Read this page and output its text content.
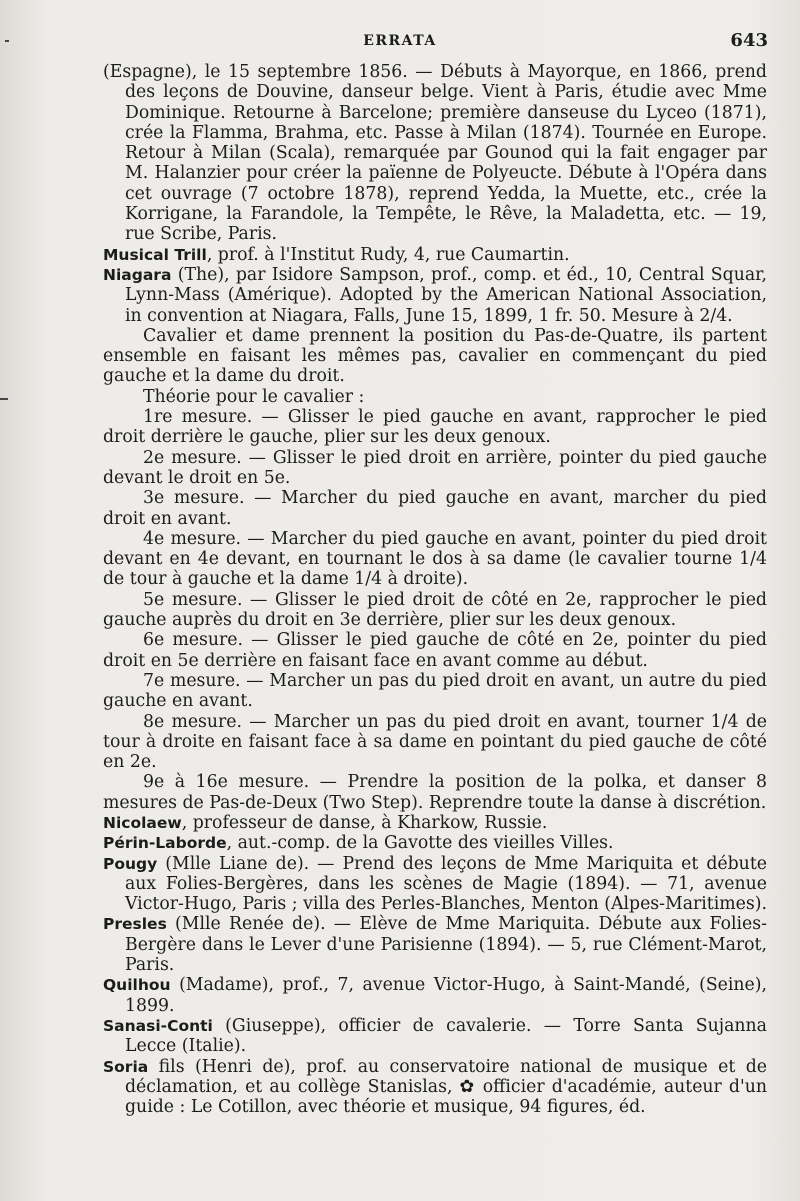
ERRATA	643

(Espagne), le 15 septembre 1856. — Débuts à Mayorque, en 1866, prend des leçons de Douvine, danseur belge. Vient à Paris, étudie avec Mme Dominique. Retourne à Barcelone; première danseuse du Lyceo (1871), crée la Flamma, Brahma, etc. Passe à Milan (1874). Tournée en Europe. Retour à Milan (Scala), remarquée par Gounod qui la fait engager par M. Halanzier pour créer la païenne de Polyeucte. Débute à l'Opéra dans cet ouvrage (7 octobre 1878), reprend Yedda, la Muette, etc., crée la Korrigane, la Farandole, la Tempête, le Rêve, la Maladetta, etc. — 19, rue Scribe, Paris.

Musical Trill, prof. à l'Institut Rudy, 4, rue Caumartin.

Niagara (The), par Isidore Sampson, prof., comp. et éd., 10, Central Squar, Lynn-Mass (Amérique). Adopted by the American National Association, in convention at Niagara, Falls, June 15, 1899, 1 fr. 50. Mesure à 2/4.

Cavalier et dame prennent la position du Pas-de-Quatre, ils partent ensemble en faisant les mêmes pas, cavalier en commençant du pied gauche et la dame du droit.

Théorie pour le cavalier :

1re mesure. — Glisser le pied gauche en avant, rapprocher le pied droit derrière le gauche, plier sur les deux genoux.

2e mesure. — Glisser le pied droit en arrière, pointer du pied gauche devant le droit en 5e.

3e mesure. — Marcher du pied gauche en avant, marcher du pied droit en avant.

4e mesure. — Marcher du pied gauche en avant, pointer du pied droit devant en 4e devant, en tournant le dos à sa dame (le cavalier tourne 1/4 de tour à gauche et la dame 1/4 à droite).

5e mesure. — Glisser le pied droit de côté en 2e, rapprocher le pied gauche auprès du droit en 3e derrière, plier sur les deux genoux.

6e mesure. — Glisser le pied gauche de côté en 2e, pointer du pied droit en 5e derrière en faisant face en avant comme au début.

7e mesure. — Marcher un pas du pied droit en avant, un autre du pied gauche en avant.

8e mesure. — Marcher un pas du pied droit en avant, tourner 1/4 de tour à droite en faisant face à sa dame en pointant du pied gauche de côté en 2e.

9e à 16e mesure. — Prendre la position de la polka, et danser 8 mesures de Pas-de-Deux (Two Step). Reprendre toute la danse à discrétion.

Nicolaew, professeur de danse, à Kharkow, Russie.

Périn-Laborde, aut.-comp. de la Gavotte des vieilles Villes.

Pougy (Mlle Liane de). — Prend des leçons de Mme Mariquita et débute aux Folies-Bergères, dans les scènes de Magie (1894). — 71, avenue Victor-Hugo, Paris ; villa des Perles-Blanches, Menton (Alpes-Maritimes).

Presles (Mlle Renée de). — Elève de Mme Mariquita. Débute aux Folies-Bergère dans le Lever d'une Parisienne (1894). — 5, rue Clément-Marot, Paris.

Quilhou (Madame), prof., 7, avenue Victor-Hugo, à Saint-Mandé, (Seine), 1899.

Sanasi-Conti (Giuseppe), officier de cavalerie. — Torre Santa Sujanna Lecce (Italie).

Soria fils (Henri de), prof. au conservatoire national de musique et de déclamation, et au collège Stanislas, ✿ officier d'académie, auteur d'un guide : Le Cotillon, avec théorie et musique, 94 figures, éd.
